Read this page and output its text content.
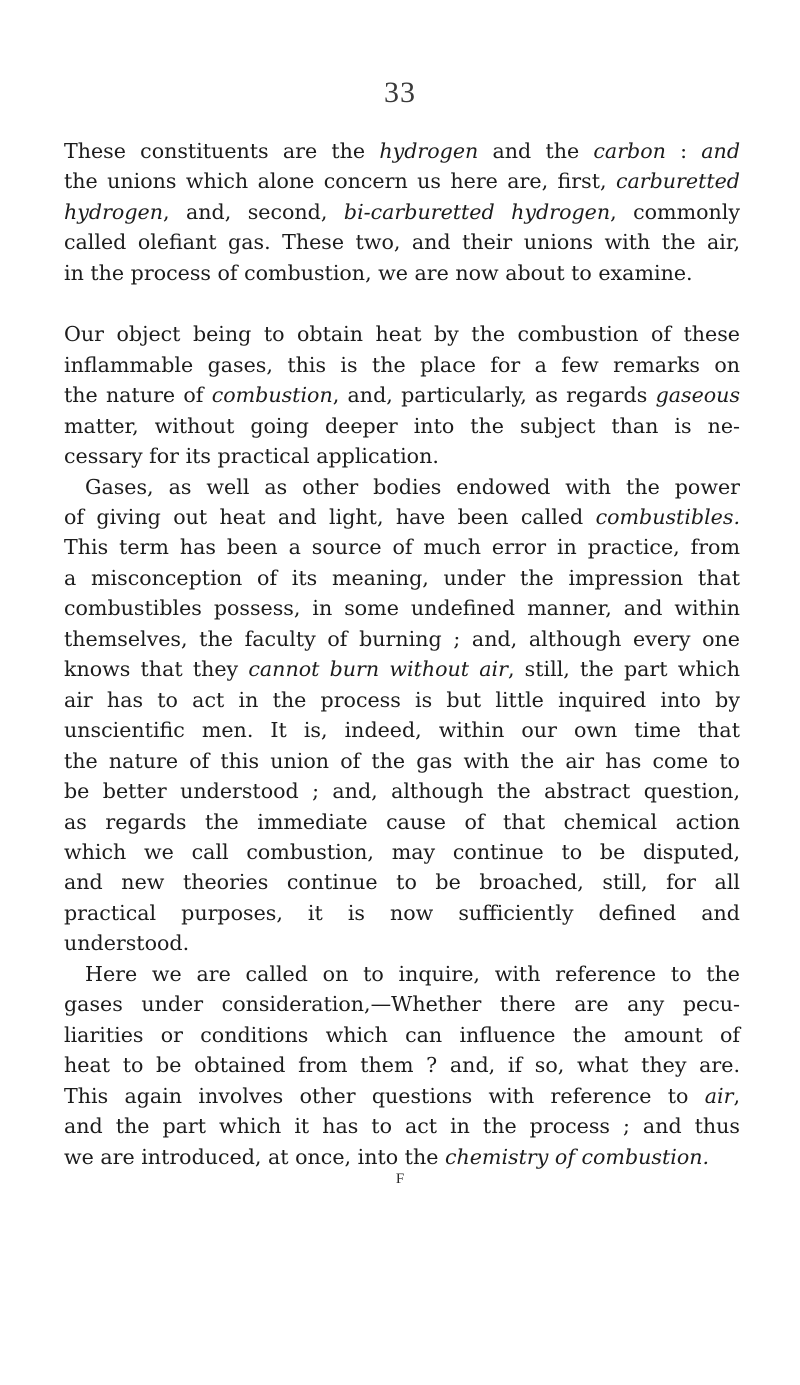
33

These constituents are the hydrogen and the carbon : and

the unions which alone concern us here are, first, carburetted

hydrogen, and, second, bi-carburetted hydrogen, commonly

called olefiant gas. These two, and their unions with the air,

in the process of combustion, we are now about to examine.

Our object being to obtain heat by the combustion of these

inflammable gases, this is the place for a few remarks on

the nature of combustion, and, particularly, as regards gaseous

matter, without going deeper into the subject than is ne-

cessary for its practical application.

Gases, as well as other bodies endowed with the power

of giving out heat and light, have been called combustibles.

This term has been a source of much error in practice, from

a misconception of its meaning, under the impression that

combustibles possess, in some undefined manner, and within

themselves, the faculty of burning ; and, although every one

knows that they cannot burn without air, still, the part which

air has to act in the process is but little inquired into by

unscientific men. It is, indeed, within our own time that

the nature of this union of the gas with the air has come to

be better understood ; and, although the abstract question,

as regards the immediate cause of that chemical action

which we call combustion, may continue to be disputed,

and new theories continue to be broached, still, for all

practical purposes, it is now sufficiently defined and

understood.

Here we are called on to inquire, with reference to the

gases under consideration,—Whether there are any pecu-

liarities or conditions which can influence the amount of

heat to be obtained from them ? and, if so, what they are.

This again involves other questions with reference to air,

and the part which it has to act in the process ; and thus

we are introduced, at once, into the chemistry of combustion.

F
